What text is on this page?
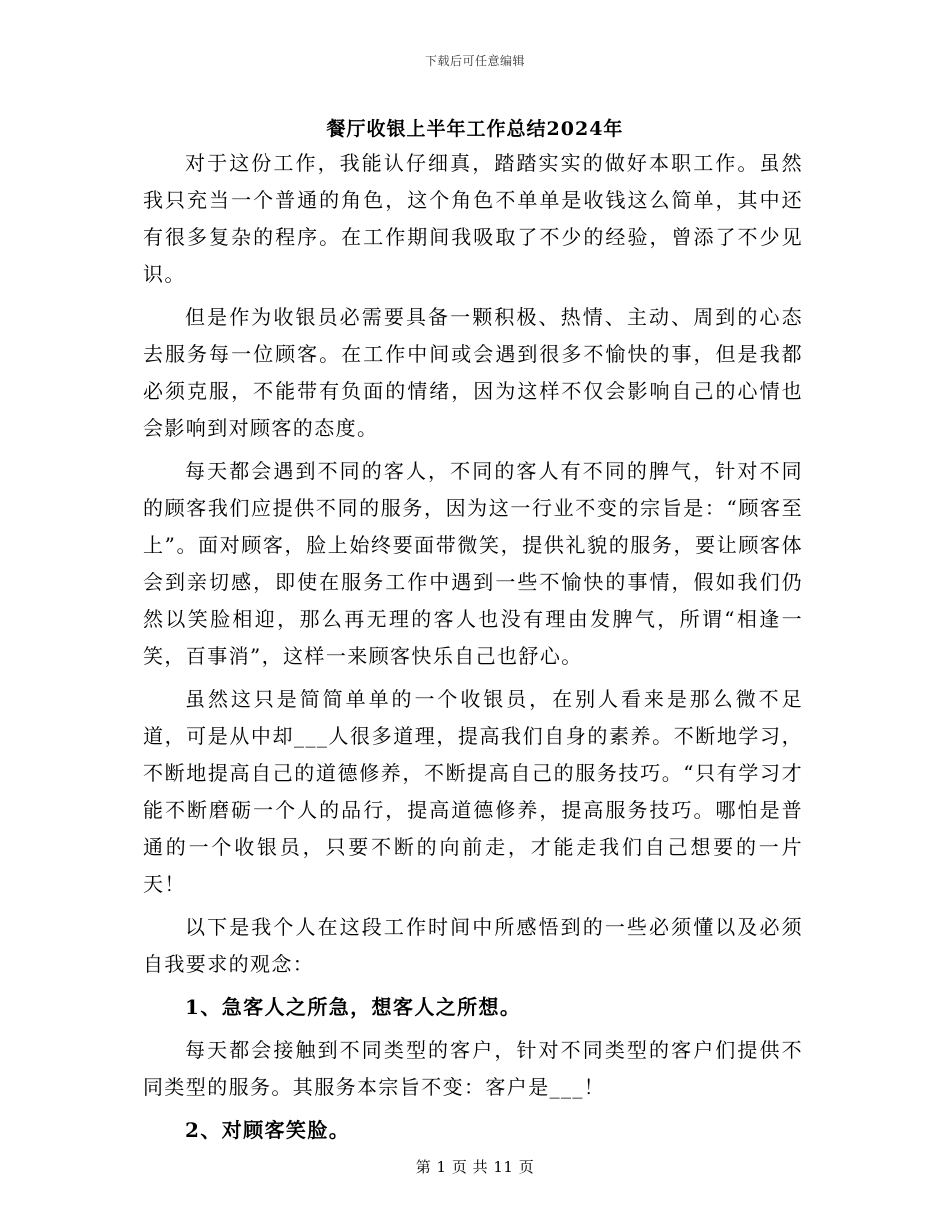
下载后可任意编辑
餐厅收银上半年工作总结2024年

对于这份工作，我能认仔细真，踏踏实实的做好本职工作。虽然我只充当一个普通的角色，这个角色不单单是收钱这么简单，其中还有很多复杂的程序。在工作期间我吸取了不少的经验，曾添了不少见识。

但是作为收银员必需要具备一颗积极、热情、主动、周到的心态去服务每一位顾客。在工作中间或会遇到很多不愉快的事，但是我都必须克服，不能带有负面的情绪，因为这样不仅会影响自己的心情也会影响到对顾客的态度。

每天都会遇到不同的客人，不同的客人有不同的脾气，针对不同的顾客我们应提供不同的服务，因为这一行业不变的宗旨是：“顾客至上”。面对顾客，脸上始终要面带微笑，提供礼貌的服务，要让顾客体会到亲切感，即使在服务工作中遇到一些不愉快的事情，假如我们仍然以笑脸相迎，那么再无理的客人也没有理由发脾气，所谓“相逢一笑，百事消”，这样一来顾客快乐自己也舒心。

虽然这只是简简单单的一个收银员，在别人看来是那么微不足道，可是从中却___人很多道理，提高我们自身的素养。不断地学习，不断地提高自己的道德修养，不断提高自己的服务技巧。“只有学习才能不断磨砺一个人的品行，提高道德修养，提高服务技巧。哪怕是普通的一个收银员，只要不断的向前走，才能走我们自己想要的一片天！

以下是我个人在这段工作时间中所感悟到的一些必须懂以及必须自我要求的观念：

1、急客人之所急，想客人之所想。

每天都会接触到不同类型的客户，针对不同类型的客户们提供不同类型的服务。其服务本宗旨不变：客户是___！

2、对顾客笑脸。

第 1 页 共 11 页
